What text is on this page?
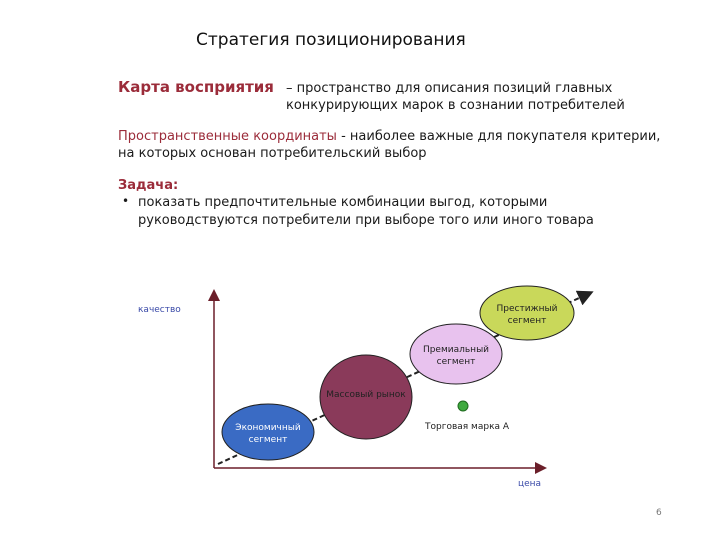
Стратегия позиционирования
Карта восприятия – пространство для описания позиций главных конкурирующих марок в сознании потребителей
Пространственные координаты - наиболее важные для покупателя критерии, на которых основан потребительский выбор
Задача:
• показать предпочтительные комбинации выгод, которыми руководствуются потребители при выборе того или иного товара
качество
цена
Экономичный
сегмент
Массовый рынок
Премиальный
сегмент
Престижный
сегмент
Торговая марка А
6
